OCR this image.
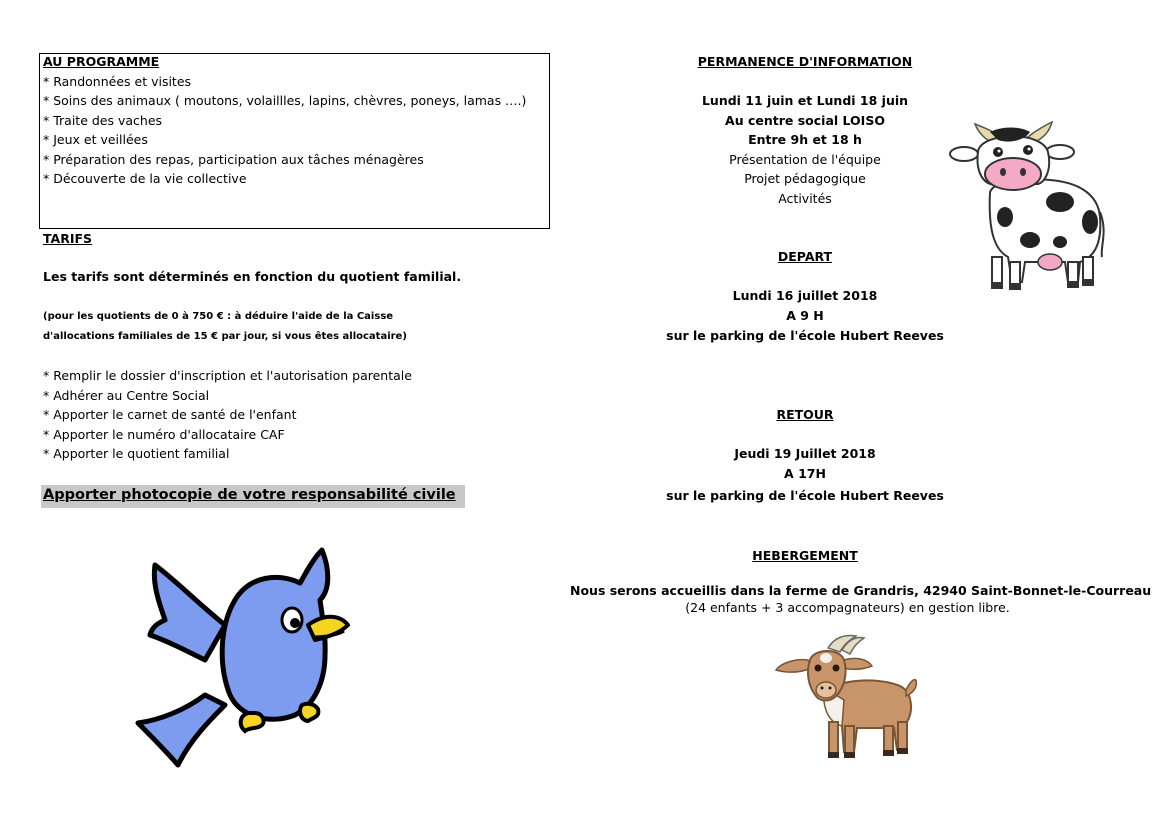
AU PROGRAMME
* Randonnées et visites
* Soins des animaux ( moutons, volaillles, lapins, chèvres, poneys, lamas ….)
* Traite des vaches
* Jeux et veillées
* Préparation des repas, participation aux tâches ménagères
* Découverte de la vie collective
TARIFS
Les tarifs sont déterminés en fonction du quotient familial.
(pour les quotients de 0 à 750 € : à déduire l'aide de la Caisse
d'allocations familiales de 15 € par jour, si vous êtes allocataire)
* Remplir le dossier d'inscription et l'autorisation parentale
* Adhérer au Centre Social
* Apporter le carnet de santé de l'enfant
* Apporter le numéro d'allocataire CAF
* Apporter le quotient familial
Apporter photocopie de votre responsabilité civile
PERMANENCE D'INFORMATION
Lundi 11 juin et Lundi 18 juin
Au centre social LOISO
Entre 9h et 18 h
Présentation de l'équipe
Projet pédagogique
Activités
DEPART
Lundi 16 juillet 2018
A 9 H
sur le parking de l'école Hubert Reeves
RETOUR
Jeudi 19 Juillet 2018
A 17H
sur le parking de l'école Hubert Reeves
HEBERGEMENT
Nous serons accueillis dans la ferme de Grandris, 42940 Saint-Bonnet-le-Courreau
(24 enfants + 3 accompagnateurs) en gestion libre.
